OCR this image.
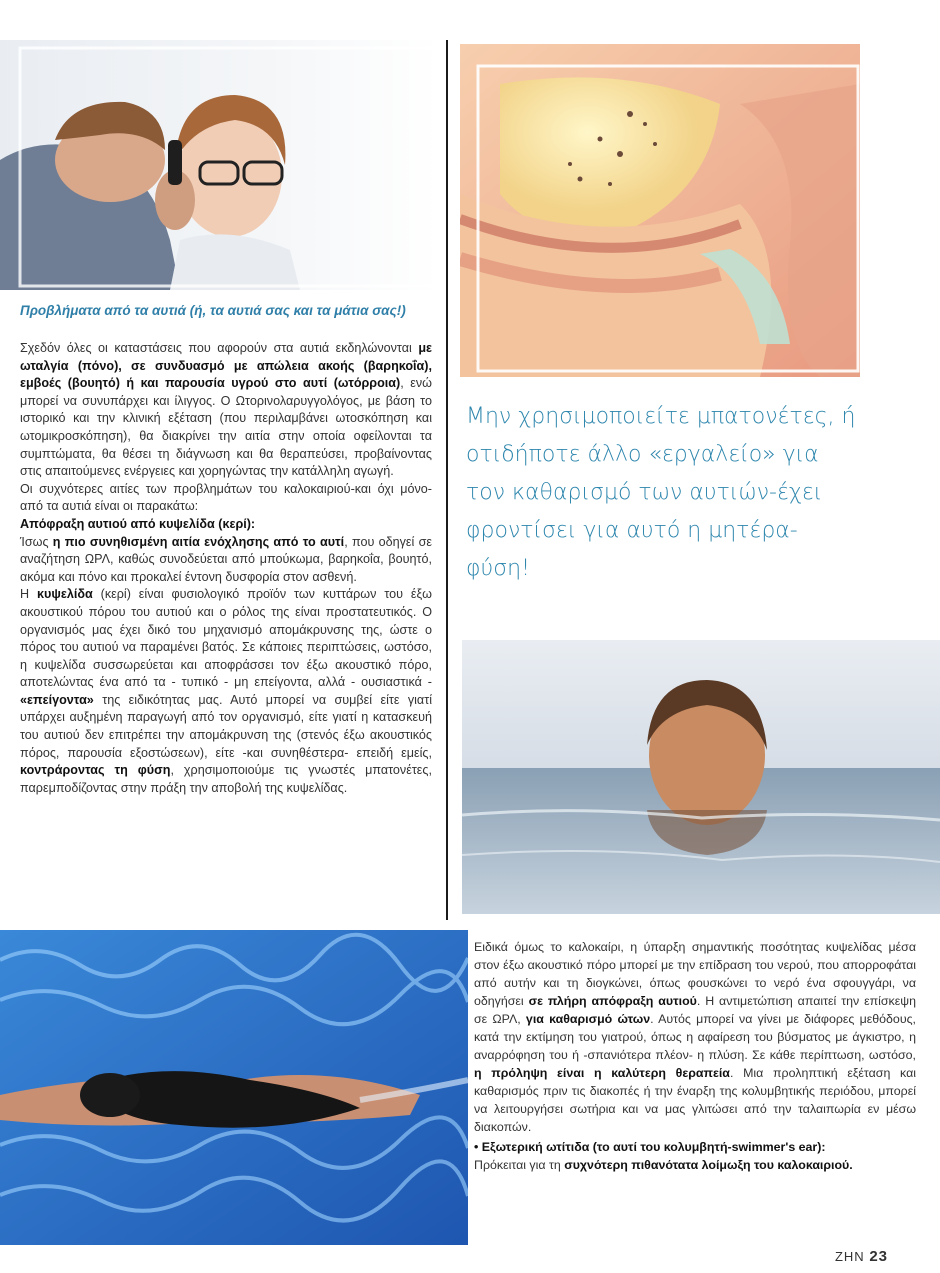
Προβλήματα από τα αυτιά (ή, τα αυτιά σας και τα μάτια σας!)

Σχεδόν όλες οι καταστάσεις που αφορούν στα αυτιά εκδηλώνονται με ωταλγία (πόνο), σε συνδυασμό με απώλεια ακοής (βαρηκοΐα), εμβοές (βουητό) ή και παρουσία υγρού στο αυτί (ωτόρροια), ενώ μπορεί να συνυπάρχει και ίλιγγος. Ο Ωτορινολαρυγγολόγος, με βάση το ιστορικό και την κλινική εξέταση (που περιλαμβάνει ωτοσκόπηση και ωτομικροσκόπηση), θα διακρίνει την αιτία στην οποία οφείλονται τα συμπτώματα, θα θέσει τη διάγνωση και θα θεραπεύσει, προβαίνοντας στις απαιτούμενες ενέργειες και χορηγώντας την κατάλληλη αγωγή.

Οι συχνότερες αιτίες των προβλημάτων του καλοκαιριού-και όχι μόνο- από τα αυτιά είναι οι παρακάτω:

Απόφραξη αυτιού από κυψελίδα (κερί):

Ίσως η πιο συνηθισμένη αιτία ενόχλησης από το αυτί, που οδηγεί σε αναζήτηση ΩΡΛ, καθώς συνοδεύεται από μπούκωμα, βαρηκοΐα, βουητό, ακόμα και πόνο και προκαλεί έντονη δυσφορία στον ασθενή.

Η κυψελίδα (κερί) είναι φυσιολογικό προϊόν των κυττάρων του έξω ακουστικού πόρου του αυτιού και ο ρόλος της είναι προστατευτικός. Ο οργανισμός μας έχει δικό του μηχανισμό απομάκρυνσης της, ώστε ο πόρος του αυτιού να παραμένει βατός. Σε κάποιες περιπτώσεις, ωστόσο, η κυψελίδα συσσωρεύεται και αποφράσσει τον έξω ακουστικό πόρο, αποτελώντας ένα από τα - τυπικό - μη επείγοντα, αλλά - ουσιαστικά - «επείγοντα» της ειδικότητας μας. Αυτό μπορεί να συμβεί είτε γιατί υπάρχει αυξημένη παραγωγή από τον οργανισμό, είτε γιατί η κατασκευή του αυτιού δεν επιτρέπει την απομάκρυνση της (στενός έξω ακουστικός πόρος, παρουσία εξοστώσεων), είτε -και συνηθέστερα- επειδή εμείς, κοντράροντας τη φύση, χρησιμοποιούμε τις γνωστές μπατονέτες, παρεμποδίζοντας στην πράξη την αποβολή της κυψελίδας.

Μην χρησιμοποιείτε μπατονέτες, ή οτιδήποτε άλλο «εργαλείο» για τον καθαρισμό των αυτιών-έχει φροντίσει για αυτό η μητέρα-φύση!

Ειδικά όμως το καλοκαίρι, η ύπαρξη σημαντικής ποσότητας κυψελίδας μέσα στον έξω ακουστικό πόρο μπορεί με την επίδραση του νερού, που απορροφάται από αυτήν και τη διογκώνει, όπως φουσκώνει το νερό ένα σφουγγάρι, να οδηγήσει σε πλήρη απόφραξη αυτιού. Η αντιμετώπιση απαιτεί την επίσκεψη σε ΩΡΛ, για καθαρισμό ώτων. Αυτός μπορεί να γίνει με διάφορες μεθόδους, κατά την εκτίμηση του γιατρού, όπως η αφαίρεση του βύσματος με άγκιστρο, η αναρρόφηση του ή -σπανιότερα πλέον- η πλύση. Σε κάθε περίπτωση, ωστόσο, η πρόληψη είναι η καλύτερη θεραπεία. Μια προληπτική εξέταση και καθαρισμός πριν τις διακοπές ή την έναρξη της κολυμβητικής περιόδου, μπορεί να λειτουργήσει σωτήρια και να μας γλιτώσει από την ταλαιπωρία εν μέσω διακοπών.

• Εξωτερική ωτίτιδα (το αυτί του κολυμβητή-swimmer's ear):

Πρόκειται για τη συχνότερη πιθανότατα λοίμωξη του καλοκαιριού.

ΖΗΝ 23
